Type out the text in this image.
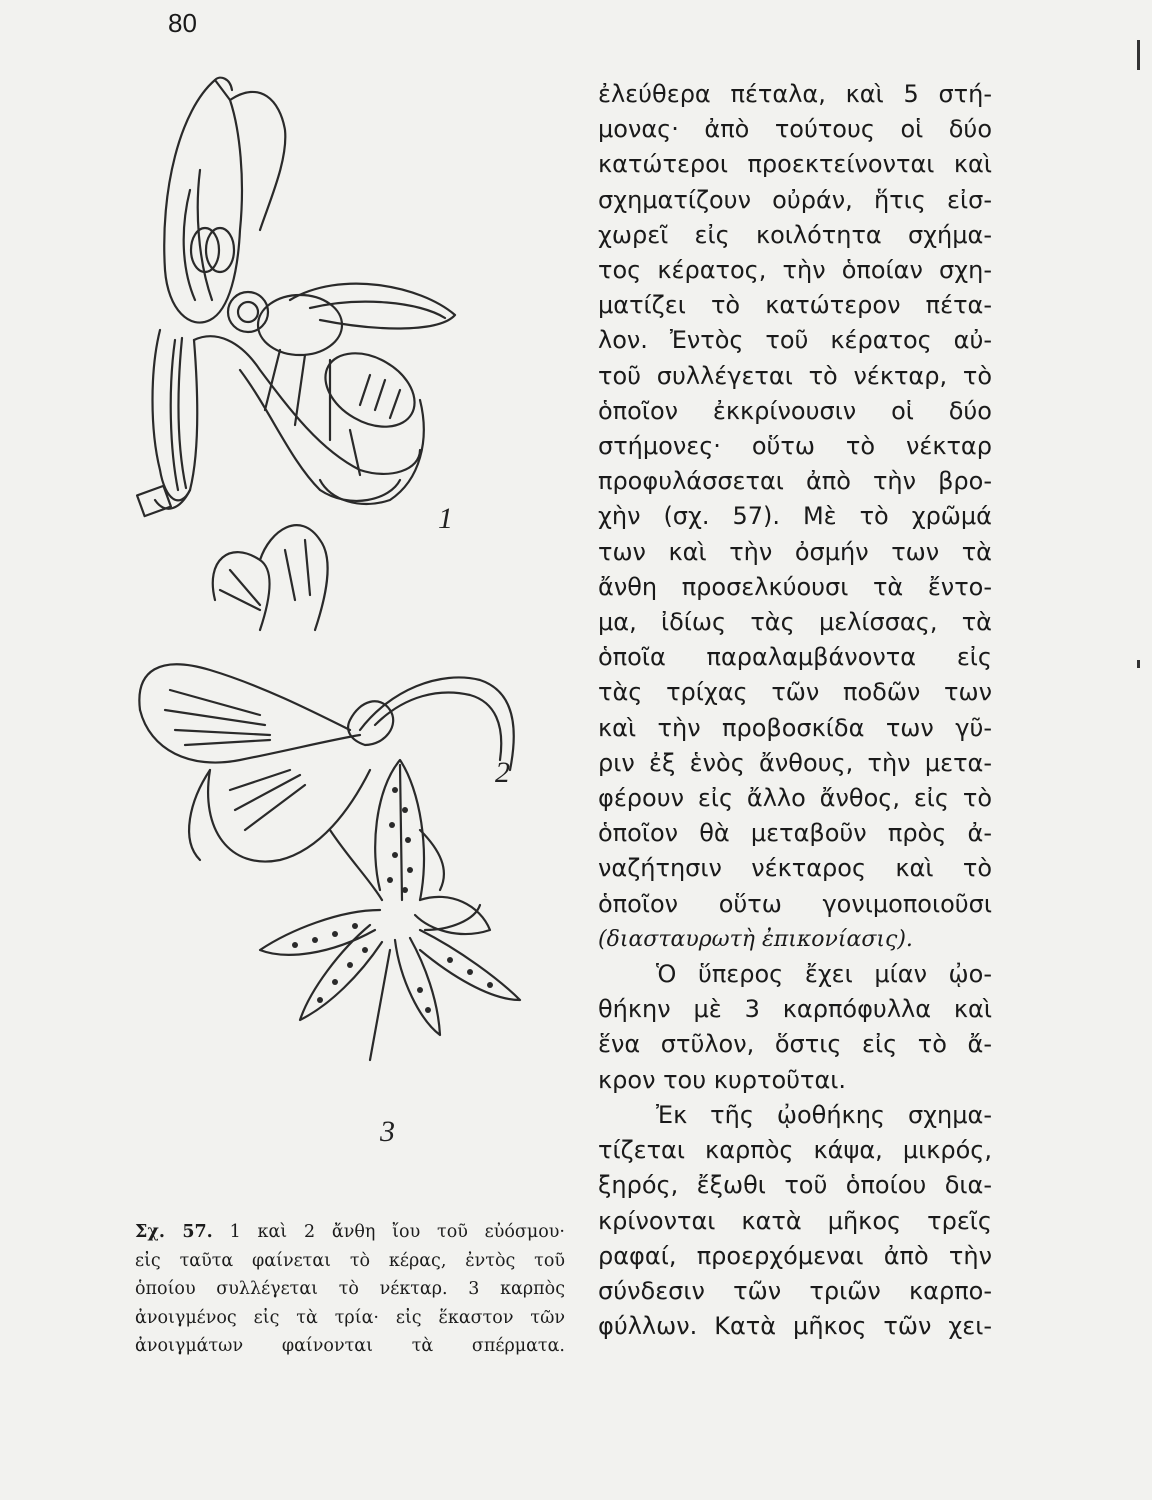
80
1
2
3
Σχ. 57. 1 καὶ 2 ἄνθη ἴου τοῦ εὐόσμου·
εἰς ταῦτα φαίνεται τὸ κέρας, ἐντὸς τοῦ
ὁποίου συλλέγεται τὸ νέκταρ. 3 καρπὸς
ἀνοιγμένος εἰς τὰ τρία· εἰς ἕκαστον τῶν
ἀνοιγμάτων φαίνονται τὰ σπέρματα.
ἐλεύθερα πέταλα, καὶ 5 στή-
μονας· ἀπὸ τούτους οἱ δύο
κατώτεροι προεκτείνονται καὶ
σχηματίζουν οὐράν, ἥτις εἰσ-
χωρεῖ εἰς κοιλότητα σχήμα-
τος κέρατος, τὴν ὁποίαν σχη-
ματίζει τὸ κατώτερον πέτα-
λον. Ἐντὸς τοῦ κέρατος αὐ-
τοῦ συλλέγεται τὸ νέκταρ, τὸ
ὁποῖον ἐκκρίνουσιν οἱ δύο
στήμονες· οὕτω τὸ νέκταρ
προφυλάσσεται ἀπὸ τὴν βρο-
χὴν (σχ. 57). Μὲ τὸ χρῶμά
των καὶ τὴν ὀσμήν των τὰ
ἄνθη προσελκύουσι τὰ ἔντο-
μα, ἰδίως τὰς μελίσσας, τὰ
ὁποῖα παραλαμβάνοντα εἰς
τὰς τρίχας τῶν ποδῶν των
καὶ τὴν προβοσκίδα των γῦ-
ριν ἐξ ἑνὸς ἄνθους, τὴν μετα-
φέρουν εἰς ἄλλο ἄνθος, εἰς τὸ
ὁποῖον θὰ μεταβοῦν πρὸς ἀ-
ναζήτησιν νέκταρος καὶ τὸ
ὁποῖον οὕτω γονιμοποιοῦσι
(διασταυρωτὴ ἐπικονίασις).
Ὁ ὕπερος ἔχει μίαν ᾠο-
θήκην μὲ 3 καρπόφυλλα καὶ
ἕνα στῦλον, ὅστις εἰς τὸ ἄ-
κρον του κυρτοῦται.
Ἐκ τῆς ᾠοθήκης σχημα-
τίζεται καρπὸς κάψα, μικρός,
ξηρός, ἔξωθι τοῦ ὁποίου δια-
κρίνονται κατὰ μῆκος τρεῖς
ραφαί, προερχόμεναι ἀπὸ τὴν
σύνδεσιν τῶν τριῶν καρπο-
φύλλων. Κατὰ μῆκος τῶν χει-
